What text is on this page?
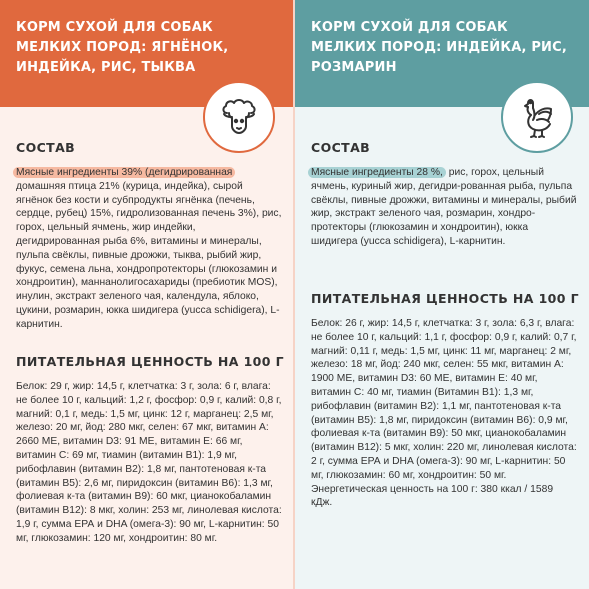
КОРМ СУХОЙ ДЛЯ СОБАК МЕЛКИХ ПОРОД: ЯГНЁНОК, ИНДЕЙКА, РИС, ТЫКВА
СОСТАВ
Мясные ингредиенты 39% (дегидрированная домашняя птица 21% (курица, индейка), сырой ягнёнок без кости и субпродукты ягнёнка (печень, сердце, рубец) 15%, гидролизованная печень 3%), рис, горох, цельный ячмень, жир индейки, дегидрированная рыба 6%, витамины и минералы, пульпа свёклы, пивные дрожжи, тыква, рыбий жир, фукус, семена льна, хондропротекторы (глюкозамин и хондроитин), маннанолигосахариды (пребиотик MOS), инулин, экстракт зеленого чая, календула, яблоко, цукини, розмарин, юкка шидигера (yucca schidigera), L-карнитин.
ПИТАТЕЛЬНАЯ ЦЕННОСТЬ НА 100 Г
Белок: 29 г, жир: 14,5 г, клетчатка: 3 г, зола: 6 г, влага: не более 10 г, кальций: 1,2 г, фосфор: 0,9 г, калий: 0,8 г, магний: 0,1 г, медь: 1,5 мг, цинк: 12 г, марганец: 2,5 мг, железо: 20 мг, йод: 280 мкг, селен: 67 мкг, витамин А: 2660 МЕ, витамин D3: 91 МЕ, витамин Е: 66 мг, витамин С: 69 мг, тиамин (витамин В1): 1,9 мг, рибофлавин (витамин В2): 1,8 мг, пантотеновая к-та (витамин В5): 2,6 мг, пиридоксин (витамин В6): 1,3 мг, фолиевая к-та (витамин В9): 60 мкг, цианокобаламин (витамин В12): 8 мкг, холин: 253 мг, линолевая кислота: 1,9 г, сумма ЕРА и DHA (омега-3): 90 мг, L-карнитин: 50 мг, глюкозамин: 120 мг, хондроитин: 80 мг.
КОРМ СУХОЙ ДЛЯ СОБАК МЕЛКИХ ПОРОД: ИНДЕЙКА, РИС, РОЗМАРИН
СОСТАВ
Мясные ингредиенты 28 %, рис, горох, цельный ячмень, куриный жир, дегидри-рованная рыба, пульпа свёклы, пивные дрожжи, витамины и минералы, рыбий жир, экстракт зеленого чая, розмарин, хондро-протекторы (глюкозамин и хондроитин), юкка шидигера (yucca schidigera), L-карнитин.
ПИТАТЕЛЬНАЯ ЦЕННОСТЬ НА 100 Г
Белок: 26 г, жир: 14,5 г, клетчатка: 3 г, зола: 6,3 г, влага: не более 10 г, кальций: 1,1 г, фосфор: 0,9 г, калий: 0,7 г, магний: 0,11 г, медь: 1,5 мг, цинк: 11 мг, марганец: 2 мг, железо: 18 мг, йод: 240 мкг, селен: 55 мкг, витамин А: 1900 МЕ, витамин D3: 60 МЕ, витамин Е: 40 мг, витамин С: 40 мг, тиамин (Витамин В1): 1,3 мг, рибофлавин (витамин В2): 1,1 мг, пантотеновая к-та (витамин В5): 1,8 мг, пиридоксин (витамин В6): 0,9 мг, фолиевая к-та (витамин В9): 50 мкг, цианокобаламин (витамин В12): 5 мкг, холин: 220 мг, линолевая кислота: 2 г, сумма ЕРА и DHA (омега-3): 90 мг, L-карнитин: 50 мг, глюкозамин: 60 мг, хондроитин: 50 мг. Энергетическая ценность на 100 г: 380 ккал / 1589 кДж.
